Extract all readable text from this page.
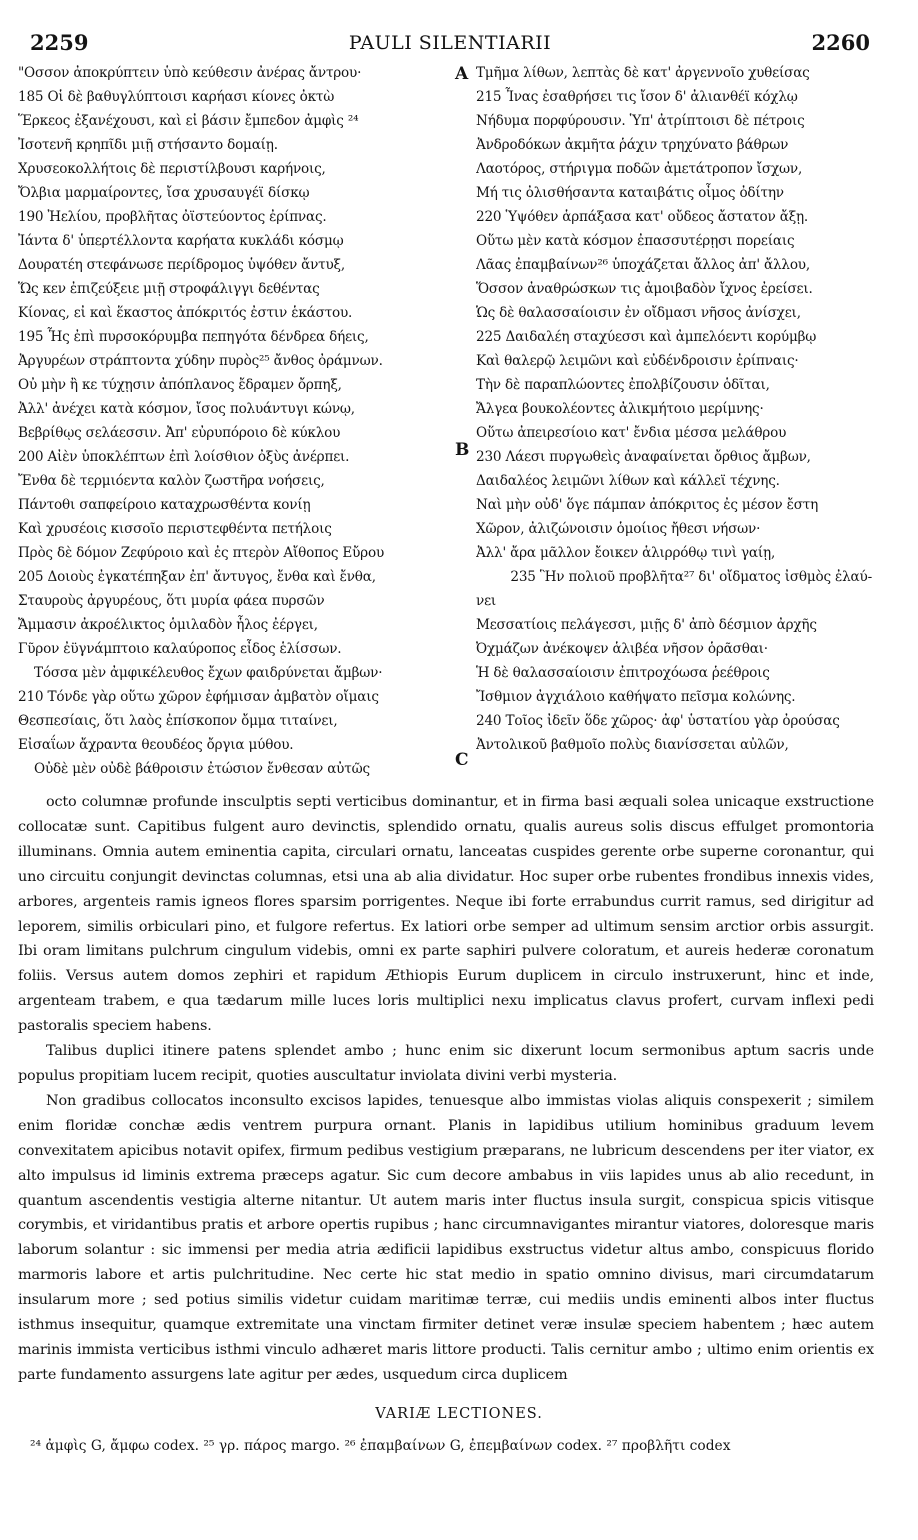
2259	PAULI SILENTIARII	2260
"Οσσον ἀποκρύπτειν ὑπὸ κεύθεσιν ἀνέρας ἄντρου·
185 Οἱ δὲ βαθυγλύπτοισι καρήασι κίονες ὀκτὼ
Ἕρκεος ἐξανέχουσι, καὶ εἰ βάσιν ἔμπεδον ἀμφὶς ²⁴
Ἰσοτενῆ κρηπῖδι μιῇ στήσαντο δομαίῃ.
Χρυσεοκολλήτοις δὲ περιστίλβουσι καρήνοις,
Ὄλβια μαρμαίροντες, ἴσα χρυσαυγέϊ δίσκῳ
190 Ἠελίου, προβλῆτας ὀϊστεύοντος ἐρίπνας.
Ἰάντα δ' ὑπερτέλλοντα καρήατα κυκλάδι κόσμῳ
Δουρατέη στεφάνωσε περίδρομος ὑψόθεν ἄντυξ,
Ὥς κεν ἐπιζεύξειε μιῇ στροφάλιγγι δεθέντας
Κίονας, εἰ καὶ ἕκαστος ἀπόκριτός ἐστιν ἑκάστου.
195 Ἧς ἐπὶ πυρσοκόρυμβα πεπηγότα δένδρεα δήεις,
Ἀργυρέων στράπτοντα χύδην πυρὸς²⁵ ἄνθος ὀράμνων.
Οὐ μὴν ἢ κε τύχῃσιν ἀπόπλανος ἔδραμεν ὄρπηξ,
Ἀλλ' ἀνέχει κατὰ κόσμον, ἴσος πολυάντυγι κώνῳ,
Βεβρίθῳς σελάεσσιν. Ἀπ' εὐρυπόροιο δὲ κύκλου
200 Αἰὲν ὑποκλέπτων ἐπὶ λοίσθιον ὀξὺς ἀνέρπει.
Ἔνθα δὲ τερμιόεντα καλὸν ζωστῆρα νοήσεις,
Πάντοθι σαπφείροιο καταχρωσθέντα κονίῃ
Καὶ χρυσέοις κισσοῖο περιστεφθέντα πετήλοις
Πρὸς δὲ δόμον Ζεφύροιο καὶ ἐς πτερὸν Αἴθοπος Εὔρου
205 Δοιοὺς ἐγκατέπηξαν ἐπ' ἄντυγος, ἔνθα καὶ ἔνθα,
Σταυροὺς ἀργυρέους, ὅτι μυρία φάεα πυρσῶν
Ἄμμασιν ἀκροέλικτος ὁμιλαδὸν ἧλος ἐέργει,
Γῦρον ἐϋγνάμπτοιο καλαύροπος εἶδος ἑλίσσων.
Τόσσα μὲν ἀμφικέλευθος ἔχων φαιδρύνεται ἄμβων·
210 Τόνδε γὰρ οὕτω χῶρον ἐφήμισαν ἀμβατὸν οἴμαις
Θεσπεσίαις, ὅτι λαὸς ἐπίσκοπον ὄμμα τιταίνει,
Εἰσαΐων ἄχραντα θεουδέος ὄργια μύθου.
Οὐδὲ μὲν οὐδὲ βάθροισιν ἐτώσιον ἔνθεσαν αὐτῶς
A
B
C
Τμῆμα λίθων, λεπτὰς δὲ κατ' ἀργεννοῖο χυθείσας
215 Ἶνας ἐσαθρήσει τις ἴσον δ' ἀλιανθέϊ κόχλῳ
Νήδυμα πορφύρουσιν. Ὑπ' ἀτρίπτοισι δὲ πέτροις
Ἀνδροδόκων ἀκμῆτα ῥάχιν τρηχύνατο βάθρων
Λαοτόρος, στήριγμα ποδῶν ἀμετάτροπον ἴσχων,
Μή τις ὀλισθήσαντα καταιβάτις οἶμος ὀδίτην
220 Ὑψόθεν ἁρπάξασα κατ' οὔδεος ἄστατον ἄξῃ.
Οὕτω μὲν κατὰ κόσμον ἐπασσυτέρῃσι πορείαις
Λᾶας ἐπαμβαίνων²⁶ ὑποχάζεται ἄλλος ἀπ' ἄλλου,
Ὅσσον ἀναθρώσκων τις ἀμοιβαδὸν ἴχνος ἐρείσει.
Ὡς δὲ θαλασσαίοισιν ἐν οἴδμασι νῆσος ἀνίσχει,
225 Δαιδαλέη σταχύεσσι καὶ ἀμπελόεντι κορύμβῳ
Καὶ θαλερῷ λειμῶνι καὶ εὐδένδροισιν ἐρίπναις·
Τὴν δὲ παραπλώοντες ἐπολβίζουσιν ὁδῖται,
Ἄλγεα βουκολέοντες ἀλικμήτοιο μερίμνης·
Οὕτω ἀπειρεσίοιο κατ' ἔνδια μέσσα μελάθρου
230 Λάεσι πυργωθεὶς ἀναφαίνεται ὄρθιος ἄμβων,
Δαιδαλέος λειμῶνι λίθων καὶ κάλλεϊ τέχνης.
Ναὶ μὴν οὐδ' ὅγε πάμπαν ἀπόκριτος ἐς μέσον ἔστη
Χῶρον, ἀλιζώνοισιν ὁμοίιος ἤθεσι νήσων·
Ἀλλ' ἄρα μᾶλλον ἔοικεν ἁλιρρόθῳ τινὶ γαίῃ,
235 Ἣν πολιοῦ προβλῆτα²⁷ δι' οἴδματος ἰσθμὸς ἐλαύ-
νει
Μεσσατίοις πελάγεσσι, μιῇς δ' ἀπὸ δέσμιον ἀρχῆς
Ὀχμάζων ἀνέκοψεν ἁλιβέα νῆσον ὁρᾶσθαι·
Ἡ δὲ θαλασσαίοισιν ἐπιτροχόωσα ῥεέθροις
Ἴσθμιον ἀγχιάλοιο καθήψατο πεῖσμα κολώνης.
240 Τοῖος ἰδεῖν ὅδε χῶρος· ἀφ' ὑστατίου γὰρ ὀρούσας
Ἀντολικοῦ βαθμοῖο πολὺς διανίσσεται αὐλῶν,

octo columnæ profunde insculptis septi verticibus dominantur, et in firma basi æquali solea unicaque exstructione collocatæ sunt. Capitibus fulgent auro devinctis, splendido ornatu, qualis aureus solis discus effulget promontoria illuminans. Omnia autem eminentia capita, circulari ornatu, lanceatas cuspides gerente orbe superne coronantur, qui uno circuitu conjungit devinctas columnas, etsi una ab alia dividatur. Hoc super orbe rubentes frondibus innexis vides, arbores, argenteis ramis igneos flores sparsim porrigentes. Neque ibi forte errabundus currit ramus, sed dirigitur ad leporem, similis orbiculari pino, et fulgore refertus. Ex latiori orbe semper ad ultimum sensim arctior orbis assurgit. Ibi oram limitans pulchrum cingulum videbis, omni ex parte saphiri pulvere coloratum, et aureis hederæ coronatum foliis. Versus autem domos zephiri et rapidum Æthiopis Eurum duplicem in circulo instruxerunt, hinc et inde, argenteam trabem, e qua tædarum mille luces loris multiplici nexu implicatus clavus profert, curvam inflexi pedi pastoralis speciem habens.

Talibus duplici itinere patens splendet ambo ; hunc enim sic dixerunt locum sermonibus aptum sacris unde populus propitiam lucem recipit, quoties auscultatur inviolata divini verbi mysteria.

Non gradibus collocatos inconsulto excisos lapides, tenuesque albo immistas violas aliquis conspexerit ; similem enim floridæ conchæ ædis ventrem purpura ornant. Planis in lapidibus utilium hominibus graduum levem convexitatem apicibus notavit opifex, firmum pedibus vestigium præparans, ne lubricum descendens per iter viator, ex alto impulsus id liminis extrema præceps agatur. Sic cum decore ambabus in viis lapides unus ab alio recedunt, in quantum ascendentis vestigia alterne nitantur. Ut autem maris inter fluctus insula surgit, conspicua spicis vitisque corymbis, et viridantibus pratis et arbore opertis rupibus ; hanc circumnavigantes mirantur viatores, doloresque maris laborum solantur : sic immensi per media atria ædificii lapidibus exstructus videtur altus ambo, conspicuus florido marmoris labore et artis pulchritudine. Nec certe hic stat medio in spatio omnino divisus, mari circumdatarum insularum more ; sed potius similis videtur cuidam maritimæ terræ, cui mediis undis eminenti albos inter fluctus isthmus insequitur, quamque extremitate una vinctam firmiter detinet veræ insulæ speciem habentem ; hæc autem marinis immista verticibus isthmi vinculo adhæret maris littore producti. Talis cernitur ambo ; ultimo enim orientis ex parte fundamento assurgens late agitur per ædes, usquedum circa duplicem

VARIÆ LECTIONES.
²⁴ ἀμφὶς G, ἄμφω codex. ²⁵ γρ. πάρος margo. ²⁶ ἐπαμβαίνων G, ἐπεμβαίνων codex. ²⁷ προβλῆτι codex
